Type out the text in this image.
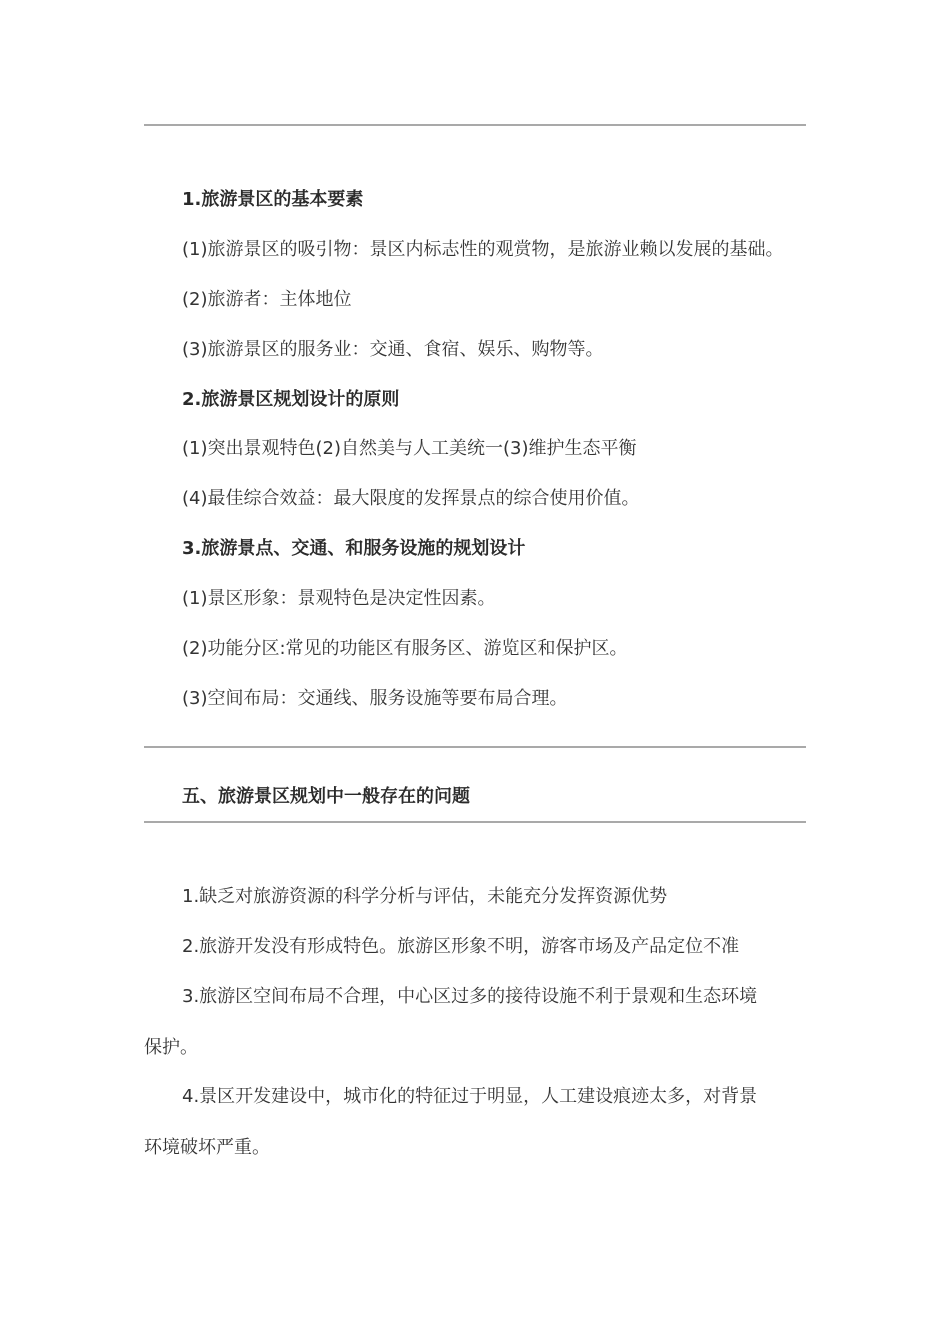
1.旅游景区的基本要素
(1)旅游景区的吸引物：景区内标志性的观赏物，是旅游业赖以发展的基础。
(2)旅游者：主体地位
(3)旅游景区的服务业：交通、食宿、娱乐、购物等。
2.旅游景区规划设计的原则
(1)突出景观特色(2)自然美与人工美统一(3)维护生态平衡
(4)最佳综合效益：最大限度的发挥景点的综合使用价值。
3.旅游景点、交通、和服务设施的规划设计
(1)景区形象：景观特色是决定性因素。
(2)功能分区:常见的功能区有服务区、游览区和保护区。
(3)空间布局：交通线、服务设施等要布局合理。
五、旅游景区规划中一般存在的问题
1.缺乏对旅游资源的科学分析与评估，未能充分发挥资源优势
2.旅游开发没有形成特色。旅游区形象不明，游客市场及产品定位不准
3.旅游区空间布局不合理，中心区过多的接待设施不利于景观和生态环境
保护。
4.景区开发建设中，城市化的特征过于明显，人工建设痕迹太多，对背景
环境破坏严重。
